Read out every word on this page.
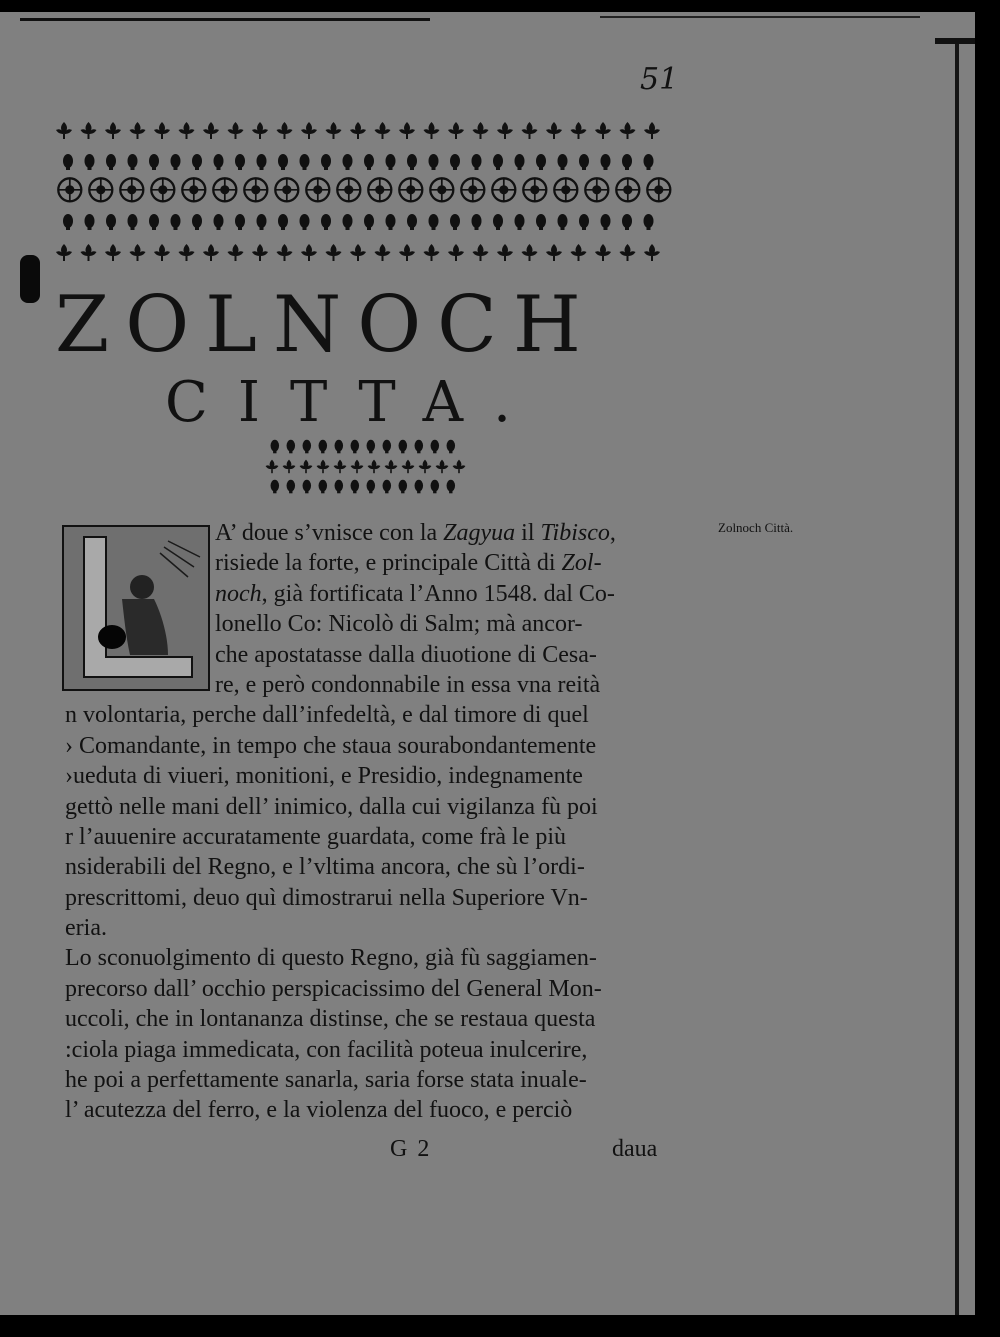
51
ZOLNOCH
CITTA.
A’ doue s’vnisce con la Zagyua il Tibisco,
risiede la forte, e principale Città di Zol-
noch, già fortificata l’Anno 1548. dal Co-
lonello Co: Nicolò di Salm; mà ancor-
che apostatasse dalla diuotione di Cesa-
re, e però condonnabile in essa vna reità
n volontaria, perche dall’infedeltà, e dal timore di quel
› Comandante, in tempo che staua sourabondantemente
›ueduta di viueri, monitioni, e Presidio, indegnamente
gettò nelle mani dell’ inimico, dalla cui vigilanza fù poi
r l’auuenire accuratamente guardata, come frà le più
nsiderabili del Regno, e l’vltima ancora, che sù l’ordi-
prescrittomi, deuo quì dimostrarui nella Superiore Vn-
eria.
Lo sconuolgimento di questo Regno, già fù saggiamen-
precorso dall’ occhio perspicacissimo del General Mon-
uccoli, che in lontananza distinse, che se restaua questa
:ciola piaga immedicata, con facilità poteua inulcerire,
he poi a perfettamente sanarla, saria forse stata inuale-
l’ acutezza del ferro, e la violenza del fuoco, e perciò
Zolnoch Città.
G 2	daua
